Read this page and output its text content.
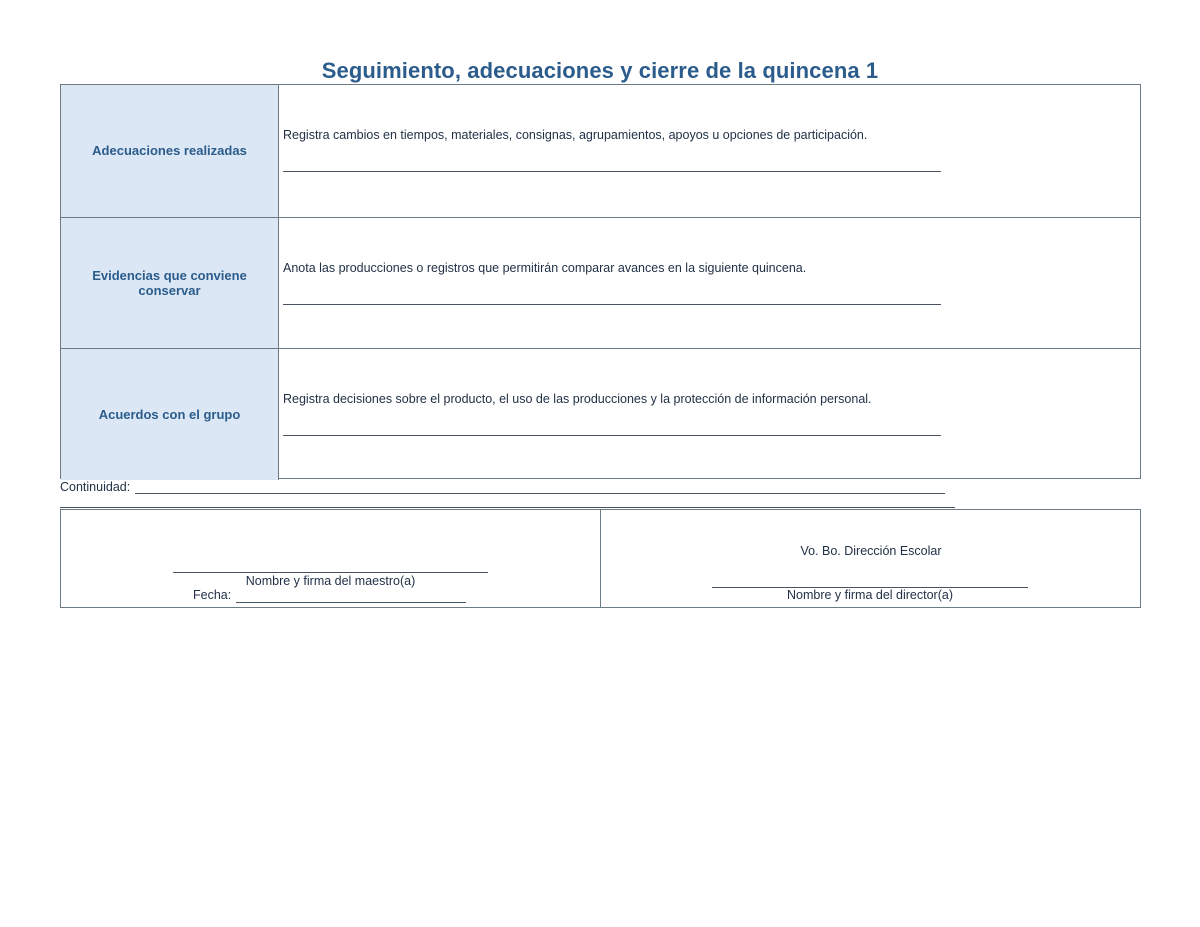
Seguimiento, adecuaciones y cierre de la quincena 1
Adecuaciones realizadas
Registra cambios en tiempos, materiales, consignas, agrupamientos, apoyos u opciones de participación.
Evidencias que conviene conservar
Anota las producciones o registros que permitirán comparar avances en la siguiente quincena.
Acuerdos con el grupo
Registra decisiones sobre el producto, el uso de las producciones y la protección de información personal.
Continuidad:
Nombre y firma del maestro(a)
Fecha:
Vo. Bo. Dirección Escolar
Nombre y firma del director(a)
